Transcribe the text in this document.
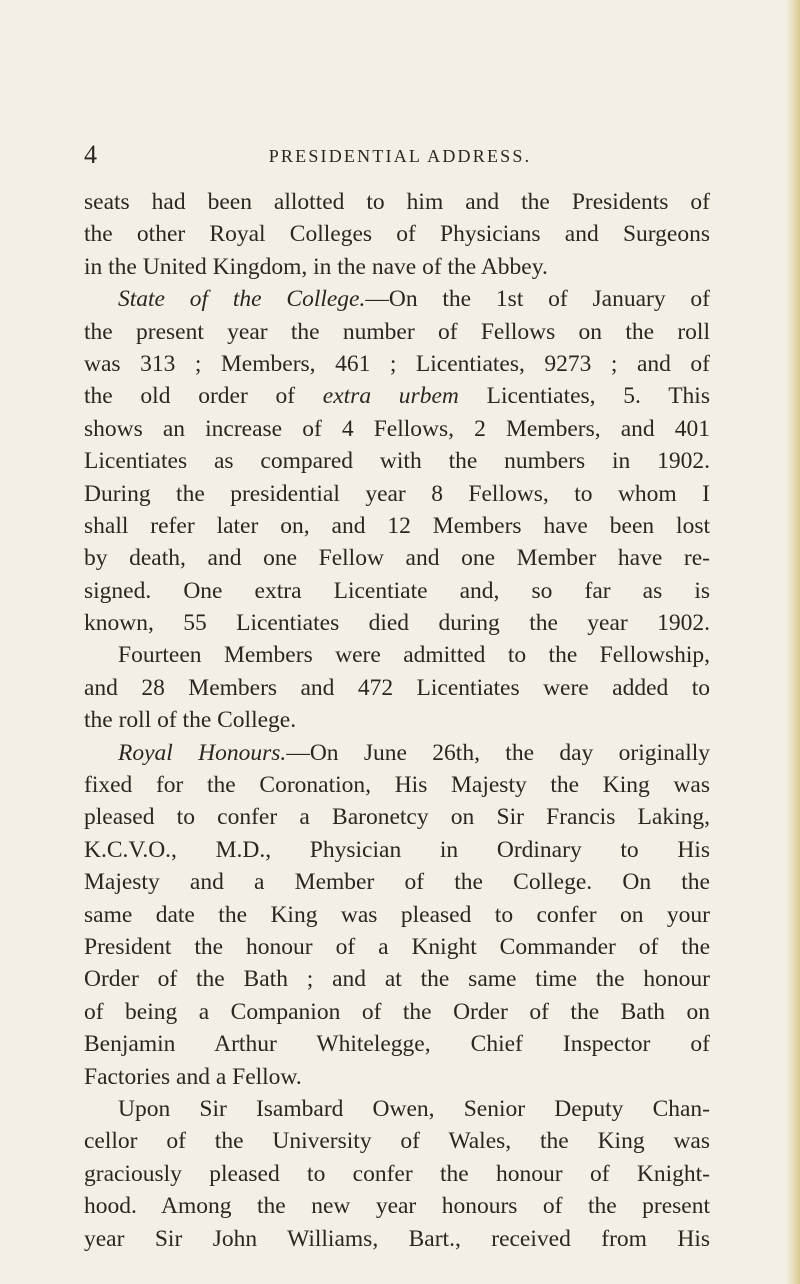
4	PRESIDENTIAL ADDRESS.
seats had been allotted to him and the Presidents of
the other Royal Colleges of Physicians and Surgeons
in the United Kingdom, in the nave of the Abbey.
State of the College.—On the 1st of January of
the present year the number of Fellows on the roll
was 313 ; Members, 461 ; Licentiates, 9273 ; and of
the old order of extra urbem Licentiates, 5. This
shows an increase of 4 Fellows, 2 Members, and 401
Licentiates as compared with the numbers in 1902.
During the presidential year 8 Fellows, to whom I
shall refer later on, and 12 Members have been lost
by death, and one Fellow and one Member have re-
signed. One extra Licentiate and, so far as is
known, 55 Licentiates died during the year 1902.
Fourteen Members were admitted to the Fellowship,
and 28 Members and 472 Licentiates were added to
the roll of the College.
Royal Honours.—On June 26th, the day originally
fixed for the Coronation, His Majesty the King was
pleased to confer a Baronetcy on Sir Francis Laking,
K.C.V.O., M.D., Physician in Ordinary to His
Majesty and a Member of the College. On the
same date the King was pleased to confer on your
President the honour of a Knight Commander of the
Order of the Bath ; and at the same time the honour
of being a Companion of the Order of the Bath on
Benjamin Arthur Whitelegge, Chief Inspector of
Factories and a Fellow.
Upon Sir Isambard Owen, Senior Deputy Chan-
cellor of the University of Wales, the King was
graciously pleased to confer the honour of Knight-
hood. Among the new year honours of the present
year Sir John Williams, Bart., received from His
